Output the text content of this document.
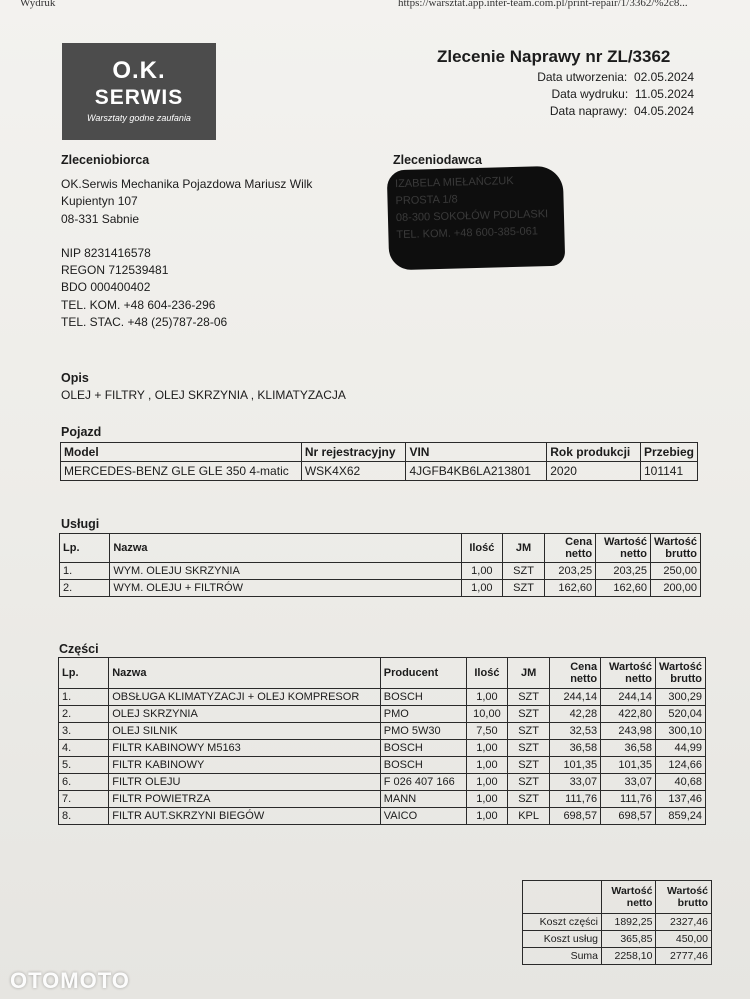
Wydruk	https://warsztat.app.inter-team.com.pl/print-repair/1/3362/%2c8...
O.K.
SERWIS
Warsztaty godne zaufania
Zlecenie Naprawy nr ZL/3362
Data utworzenia: 02.05.2024
Data wydruku: 11.05.2024
Data naprawy: 04.05.2024
Zleceniobiorca
OK.Serwis Mechanika Pojazdowa Mariusz Wilk
Kupientyn 107
08-331 Sabnie
NIP 8231416578
REGON 712539481
BDO 000400402
TEL. KOM. +48 604-236-296
TEL. STAC. +48 (25)787-28-06
Zleceniodawca
IZABELA MIEŁAŃCZUK
PROSTA 1/8
08-300 SOKOŁÓW PODLASKI
TEL. KOM. +48 600-385-061
Opis
OLEJ + FILTRY , OLEJ SKRZYNIA , KLIMATYZACJA
Pojazd
Model	Nr rejestracyjny	VIN	Rok produkcji	Przebieg
MERCEDES-BENZ GLE GLE 350 4-matic	WSK4X62	4JGFB4KB6LA213801	2020	101141
Usługi
Lp.	Nazwa	Ilość	JM	Cena netto	Wartość netto	Wartość brutto
1.	WYM. OLEJU SKRZYNIA	1,00	SZT	203,25	203,25	250,00
2.	WYM. OLEJU + FILTRÓW	1,00	SZT	162,60	162,60	200,00
Części
Lp.	Nazwa	Producent	Ilość	JM	Cena netto	Wartość netto	Wartość brutto
1.	OBSŁUGA KLIMATYZACJI + OLEJ KOMPRESOR	BOSCH	1,00	SZT	244,14	244,14	300,29
2.	OLEJ SKRZYNIA	PMO	10,00	SZT	42,28	422,80	520,04
3.	OLEJ SILNIK	PMO 5W30	7,50	SZT	32,53	243,98	300,10
4.	FILTR KABINOWY M5163	BOSCH	1,00	SZT	36,58	36,58	44,99
5.	FILTR KABINOWY	BOSCH	1,00	SZT	101,35	101,35	124,66
6.	FILTR OLEJU	F 026 407 166	1,00	SZT	33,07	33,07	40,68
7.	FILTR POWIETRZA	MANN	1,00	SZT	111,76	111,76	137,46
8.	FILTR AUT.SKRZYNI BIEGÓW	VAICO	1,00	KPL	698,57	698,57	859,24
	Wartość netto	Wartość brutto
Koszt części	1892,25	2327,46
Koszt usług	365,85	450,00
Suma	2258,10	2777,46
OTOMOTO
